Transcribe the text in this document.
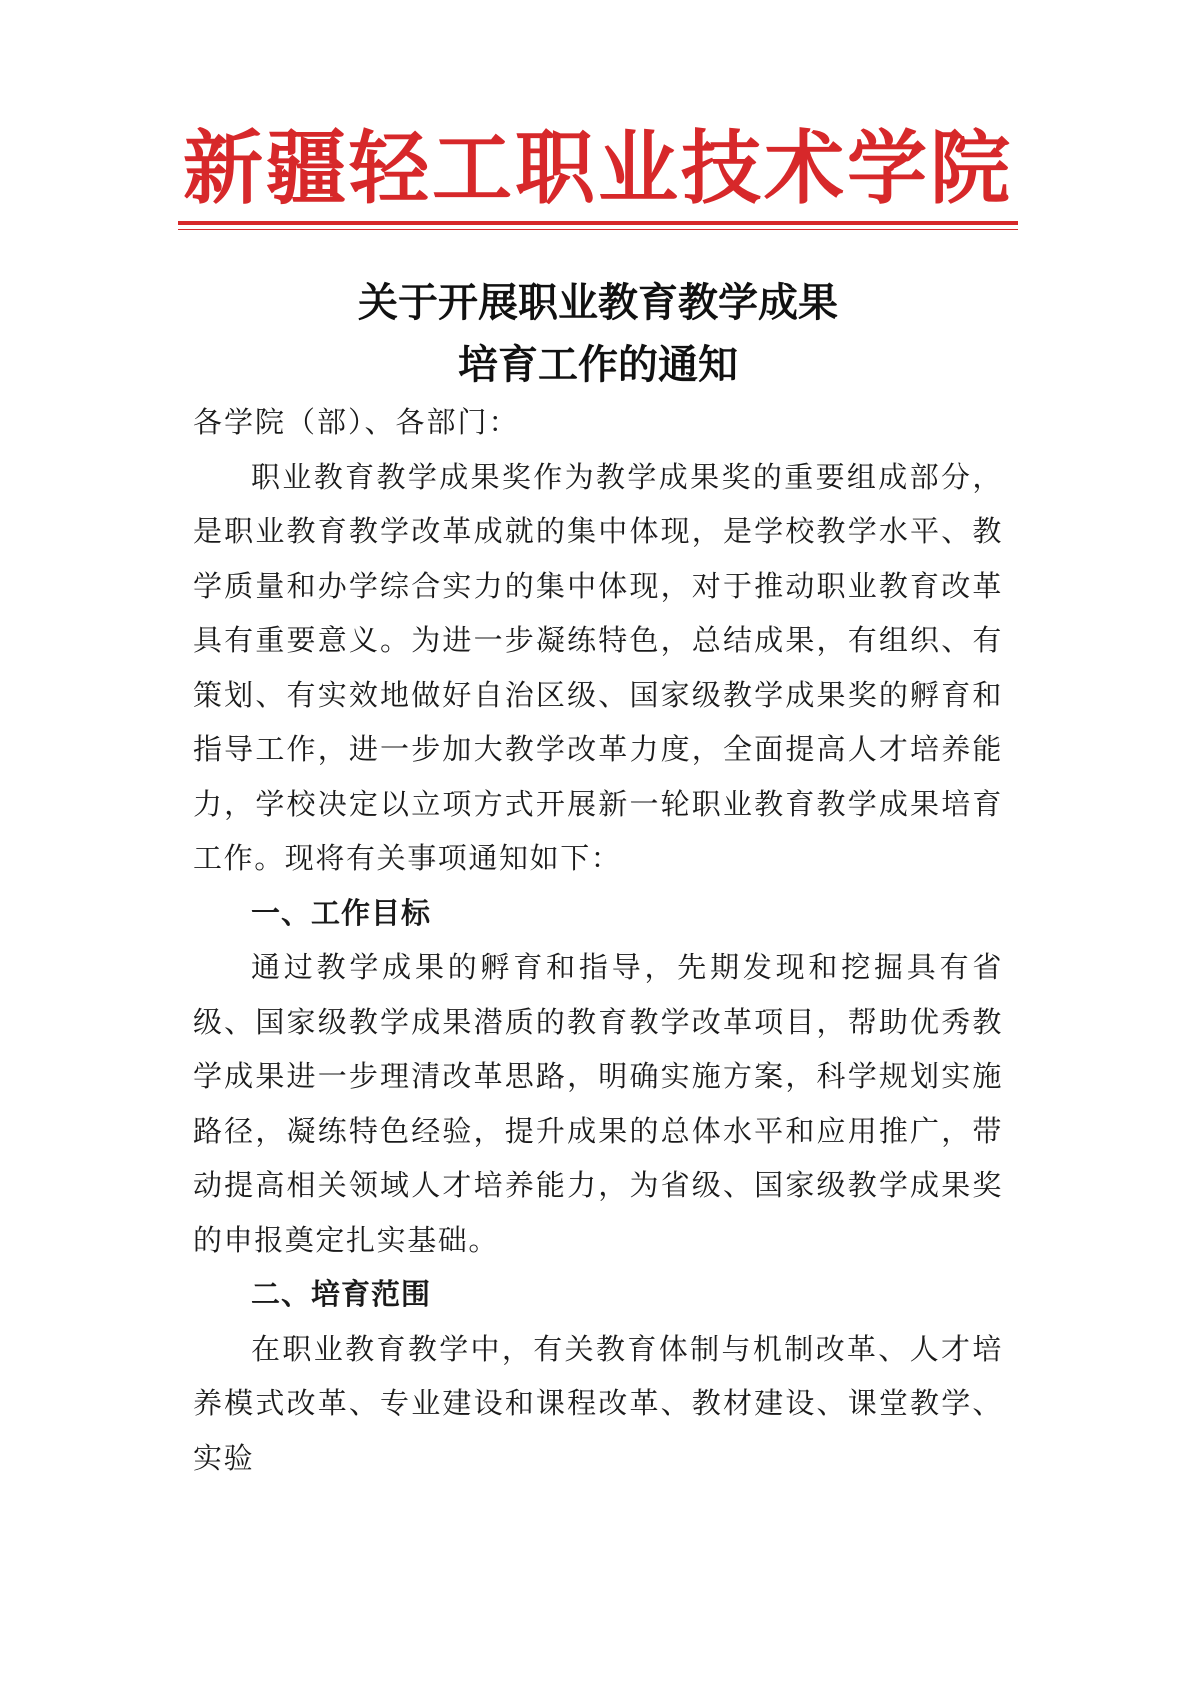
新疆轻工职业技术学院
关于开展职业教育教学成果
培育工作的通知

各学院（部）、各部门：

职业教育教学成果奖作为教学成果奖的重要组成部分，是职业教育教学改革成就的集中体现，是学校教学水平、教学质量和办学综合实力的集中体现，对于推动职业教育改革具有重要意义。为进一步凝练特色，总结成果，有组织、有策划、有实效地做好自治区级、国家级教学成果奖的孵育和指导工作，进一步加大教学改革力度，全面提高人才培养能力，学校决定以立项方式开展新一轮职业教育教学成果培育工作。现将有关事项通知如下：

一、工作目标

通过教学成果的孵育和指导，先期发现和挖掘具有省级、国家级教学成果潜质的教育教学改革项目，帮助优秀教学成果进一步理清改革思路，明确实施方案，科学规划实施路径，凝练特色经验，提升成果的总体水平和应用推广，带动提高相关领域人才培养能力，为省级、国家级教学成果奖的申报奠定扎实基础。

二、培育范围

在职业教育教学中，有关教育体制与机制改革、人才培养模式改革、专业建设和课程改革、教材建设、课堂教学、实验
